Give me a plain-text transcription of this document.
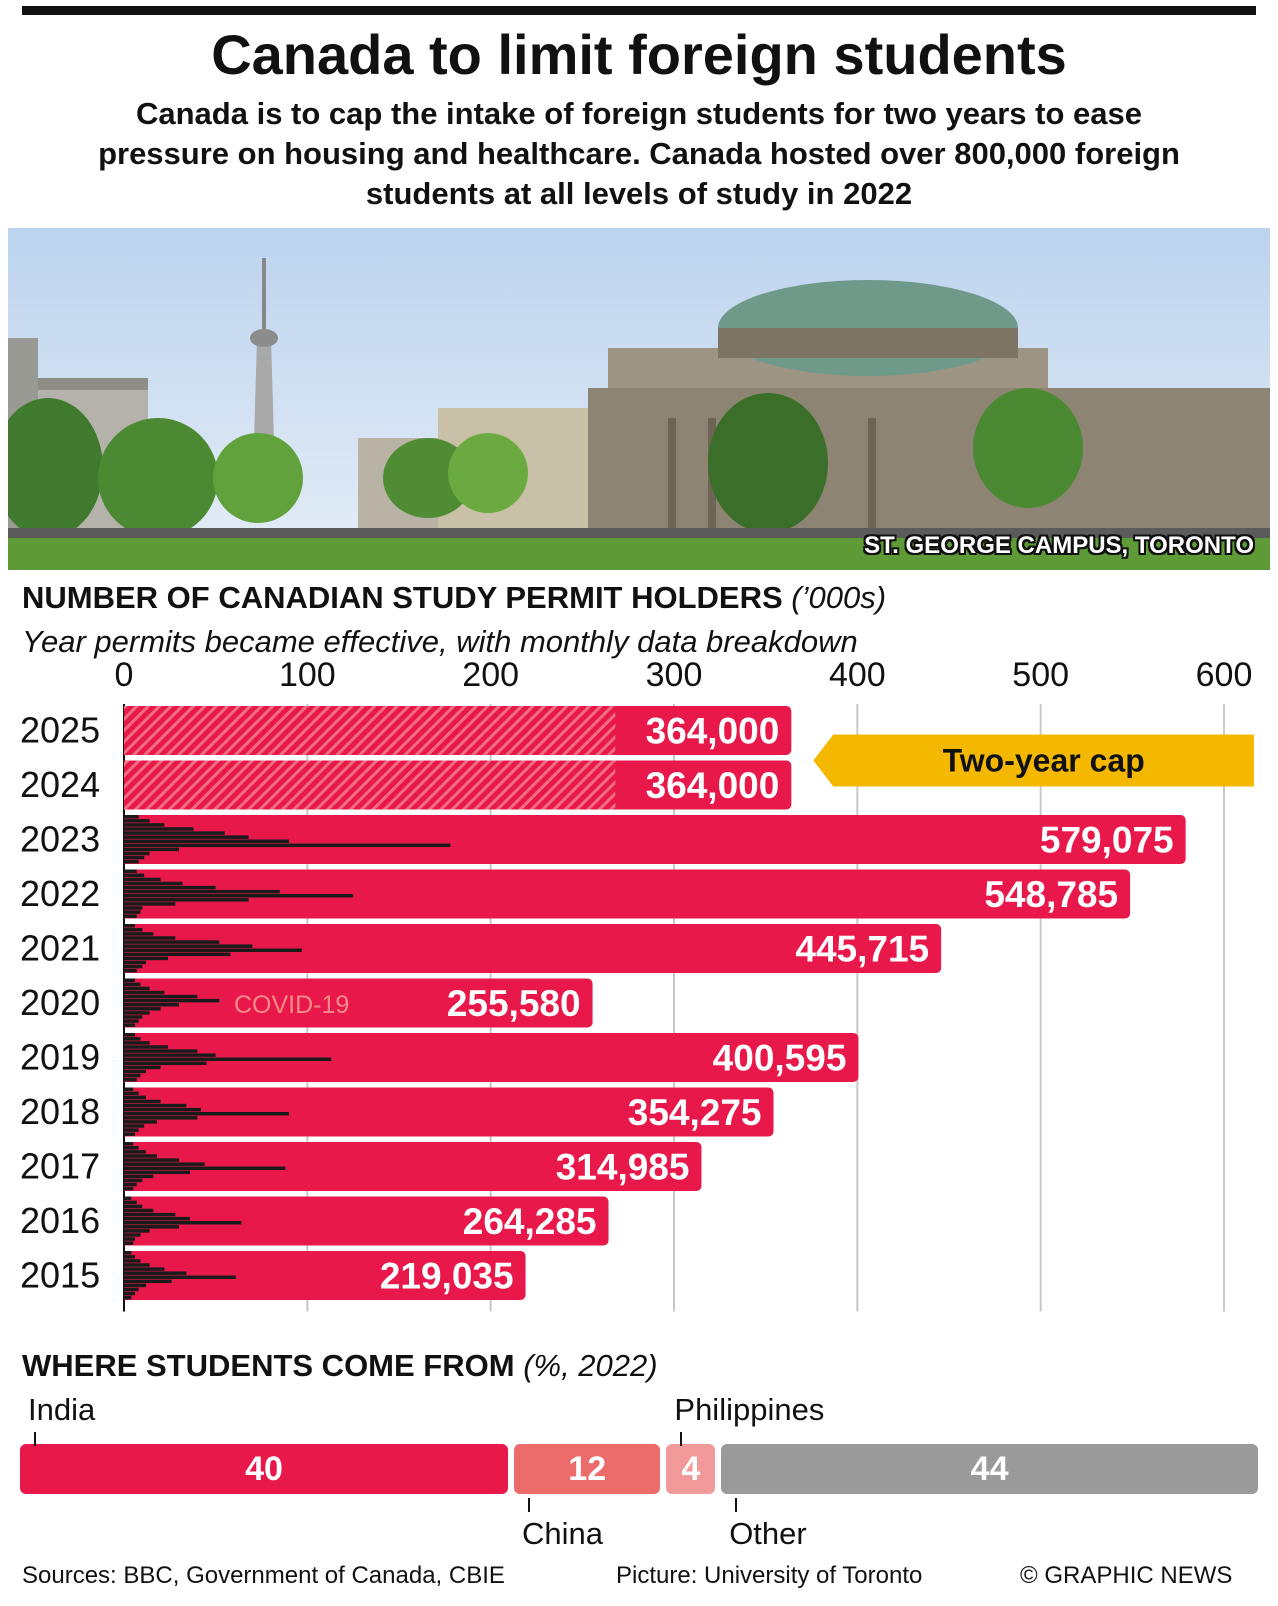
Canada to limit foreign students
Canada is to cap the intake of foreign students for two years to ease pressure on housing and healthcare. Canada hosted over 800,000 foreign students at all levels of study in 2022
ST. GEORGE CAMPUS, TORONTO
NUMBER OF CANADIAN STUDY PERMIT HOLDERS (’000s)
Year permits became effective, with monthly data breakdown
0	100	200	300	400	500	600
2025	364,000
2024	364,000
2023	579,075
2022	548,785
2021	445,715
2020	255,580
COVID-19
2019	400,595
2018	354,275
2017	314,985
2016	264,285
2015	219,035
Two-year cap
WHERE STUDENTS COME FROM (%, 2022)
40	12	4	44
India
China
Philippines
Other
Sources: BBC, Government of Canada, CBIE	Picture: University of Toronto	© GRAPHIC NEWS
